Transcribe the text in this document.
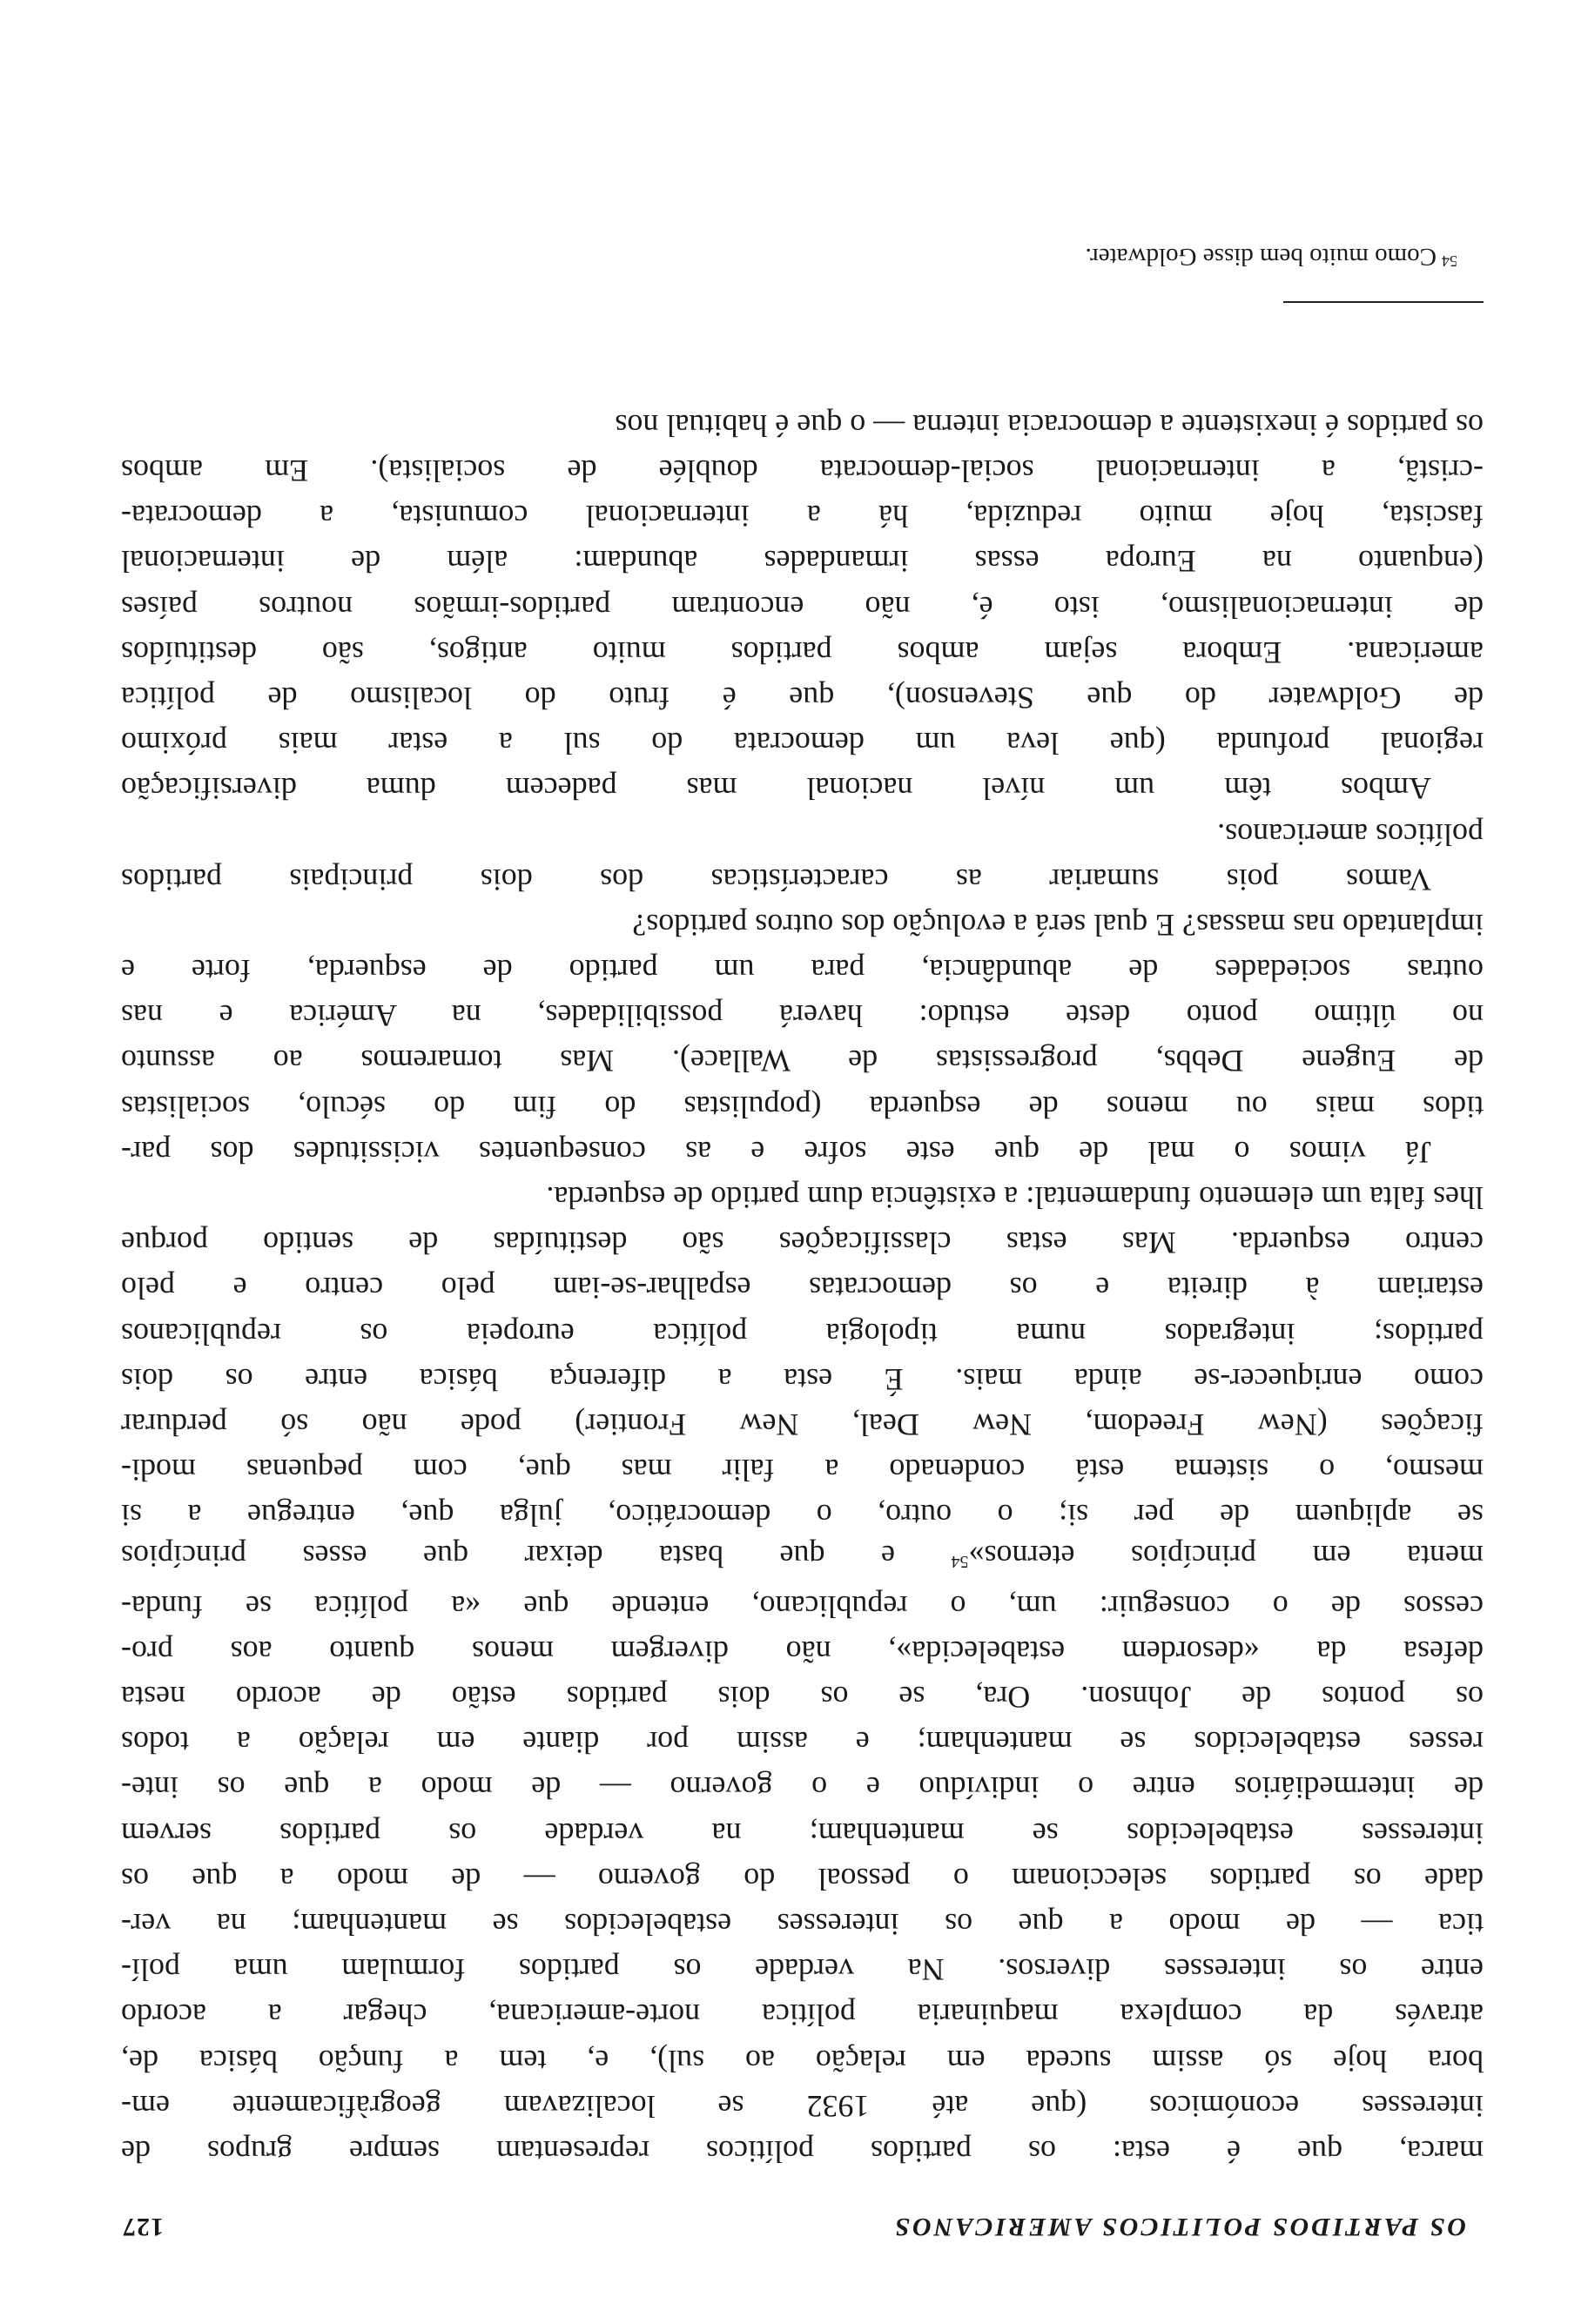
OS PARTIDOS POLITICOS AMERICANOS
127
marca, que é esta: os partidos políticos representam sempre grupos de
interesses económicos (que até 1932 se localizavam geogràficamente em-
bora hoje só assim suceda em relação ao sul), e, tem a função básica de,
através da complexa maquinaria política norte-americana, chegar a acordo
entre os interesses diversos. Na verdade os partidos formulam uma polí-
tica — de modo a que os interesses estabelecidos se mantenham; na ver-
dade os partidos seleccionam o pessoal do governo — de modo a que os
interesses estabelecidos se mantenham; na verdade os partidos servem
de intermediários entre o indivíduo e o governo — de modo a que os inte-
resses estabelecidos se mantenham; e assim por diante em relação a todos
os pontos de Johnson. Ora, se os dois partidos estão de acordo nesta
defesa da «desordem estabelecida», não divergem menos quanto aos pro-
cessos de o conseguir: um, o republicano, entende que «a política se funda-
menta em princípios eternos»$^{54}$ e que basta deixar que esses princípios
se apliquem de per si; o outro, o democrático, julga que, entregue a si
mesmo, o sistema está condenado a falir mas que, com pequenas modi-
ficações (New Freedom, New Deal, New Frontier) pode não só perdurar
como enriquecer-se ainda mais. É esta a diferença básica entre os dois
partidos; integrados numa tipologia política europeia os republicanos
estariam à direita e os democratas espalhar-se-iam pelo centro e pelo
centro esquerda. Mas estas classificações são destituídas de sentido porque
lhes falta um elemento fundamental: a existência dum partido de esquerda.
Já vimos o mal de que este sofre e as consequentes vicissitudes dos par-
tidos mais ou menos de esquerda (populistas do fim do século, socialistas
de Eugene Debbs, progressistas de Wallace). Mas tornaremos ao assunto
no último ponto deste estudo: haverá possibilidades, na América e nas
outras sociedades de abundância, para um partido de esquerda, forte e
implantado nas massas? E qual será a evolução dos outros partidos?
Vamos pois sumariar as características dos dois principais partidos
políticos americanos.
Ambos têm um nível nacional mas padecem duma diversificação
regional profunda (que leva um democrata do sul a estar mais próximo
de Goldwater do que Stevenson), que é fruto do localismo de política
americana. Embora sejam ambos partidos muito antigos, são destituídos
de internacionalismo, isto é, não encontram partidos-irmãos noutros países
(enquanto na Europa essas irmandades abundam: além de internacional
fascista, hoje muito reduzida, há a internacional comunista, a democrata-
-cristã, a internacional social-democrata doublée de socialista). Em ambos
os partidos é inexistente a democracia interna — o que é habitual nos
$^{54}$Como muito bem disse Goldwater.
